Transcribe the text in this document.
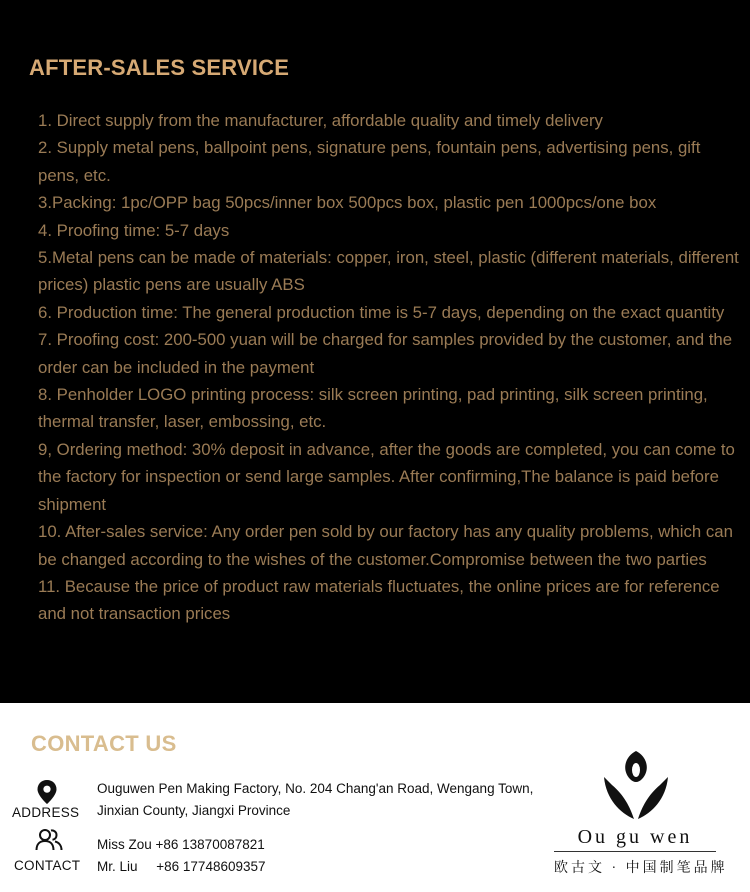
AFTER-SALES SERVICE
1. Direct supply from the manufacturer, affordable quality and timely delivery
2. Supply metal pens, ballpoint pens, signature pens, fountain pens, advertising pens, gift pens, etc.
3.Packing: 1pc/OPP bag 50pcs/inner box 500pcs box, plastic pen 1000pcs/one box
4. Proofing time: 5-7 days
5.Metal pens can be made of materials: copper, iron, steel, plastic (different materials, different prices) plastic pens are usually ABS
6. Production time: The general production time is 5-7 days, depending on the exact quantity
7. Proofing cost: 200-500 yuan will be charged for samples provided by the customer, and the order can be included in the payment
8. Penholder LOGO printing process: silk screen printing, pad printing, silk screen printing, thermal transfer, laser, embossing, etc.
9, Ordering method: 30% deposit in advance, after the goods are completed, you can come to the factory for inspection or send large samples. After confirming,The balance is paid before shipment
10. After-sales service: Any order pen sold by our factory has any quality problems, which can be changed according to the wishes of the customer.Compromise between the two parties
11. Because the price of product raw materials fluctuates, the online prices are for reference and not transaction prices
CONTACT US
ADDRESS
Ouguwen Pen Making Factory, No. 204 Chang'an Road, Wengang Town,
Jinxian County, Jiangxi Province
CONTACT
Miss Zou +86 13870087821
Mr. Liu     +86 17748609357
Ou gu wen
欧古文 · 中国制笔品牌
